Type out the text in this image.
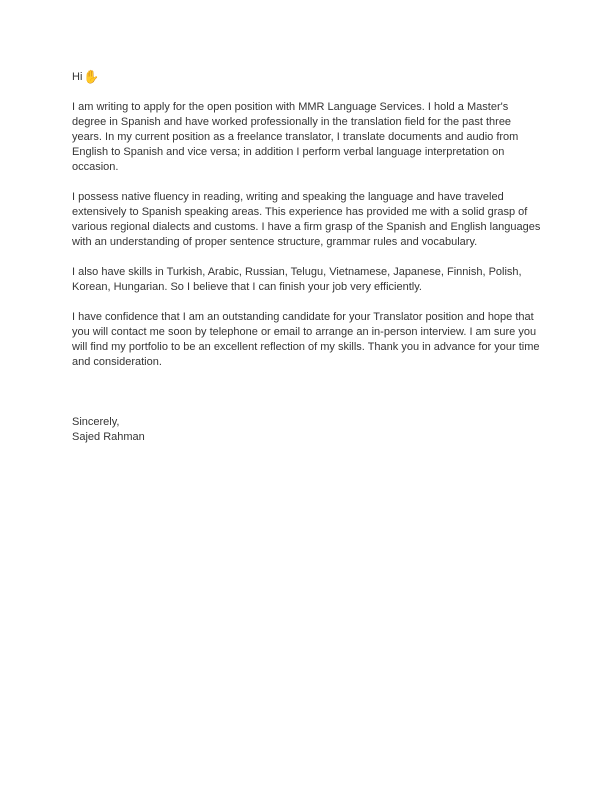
Hi✋

I am writing to apply for the open position with MMR Language Services. I hold a Master's degree in Spanish and have worked professionally in the translation field for the past three years. In my current position as a freelance translator, I translate documents and audio from English to Spanish and vice versa; in addition I perform verbal language interpretation on occasion.

I possess native fluency in reading, writing and speaking the language and have traveled extensively to Spanish speaking areas. This experience has provided me with a solid grasp of various regional dialects and customs. I have a firm grasp of the Spanish and English languages with an understanding of proper sentence structure, grammar rules and vocabulary.

I also have skills in Turkish, Arabic, Russian, Telugu, Vietnamese, Japanese, Finnish, Polish, Korean, Hungarian. So I believe that I can finish your job very efficiently.

I have confidence that I am an outstanding candidate for your Translator position and hope that you will contact me soon by telephone or email to arrange an in-person interview. I am sure you will find my portfolio to be an excellent reflection of my skills. Thank you in advance for your time and consideration.

Sincerely,
Sajed Rahman
